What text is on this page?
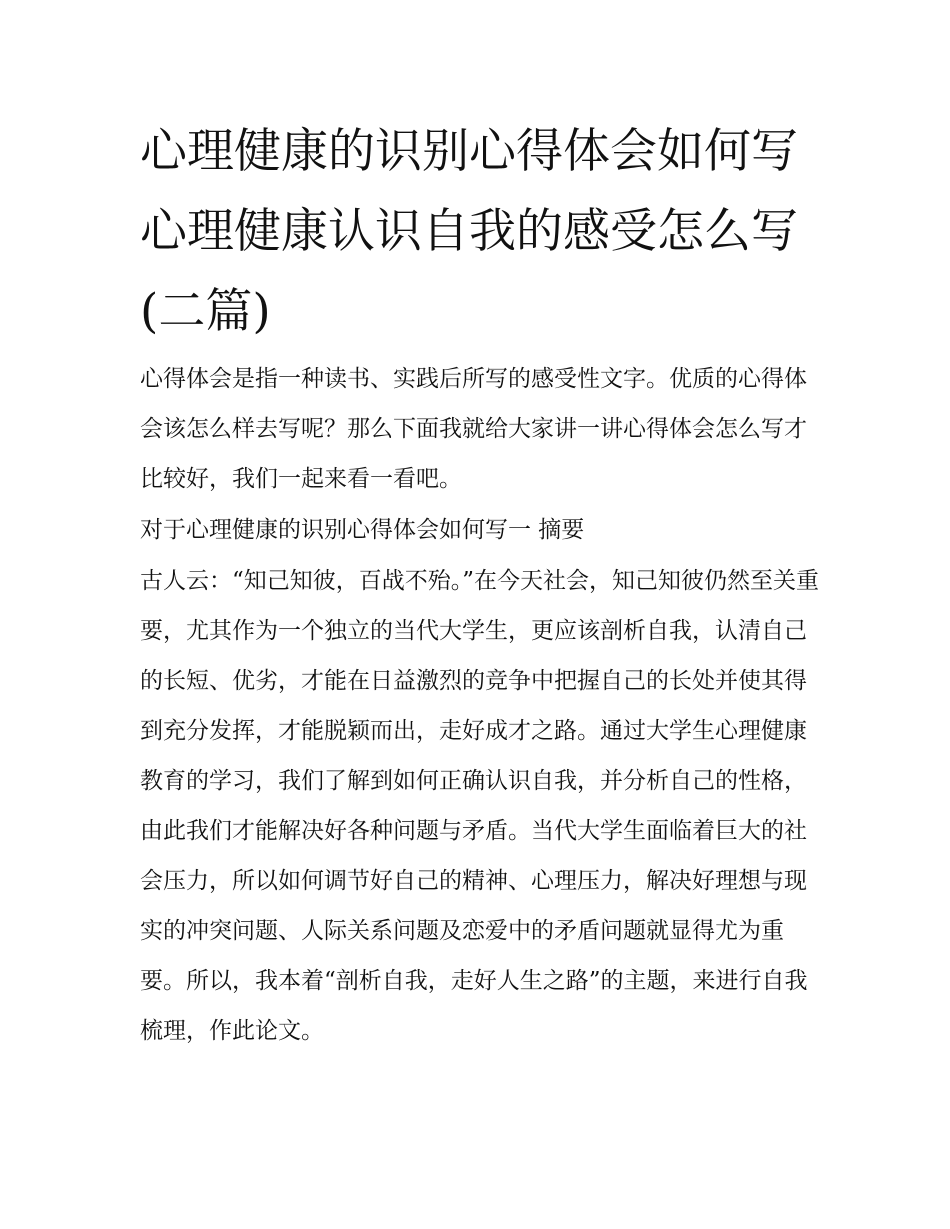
心理健康的识别心得体会如何写 心理健康认识自我的感受怎么写(二篇)

心得体会是指一种读书、实践后所写的感受性文字。优质的心得体会该怎么样去写呢？那么下面我就给大家讲一讲心得体会怎么写才比较好，我们一起来看一看吧。

对于心理健康的识别心得体会如何写一 摘要

古人云：“知己知彼，百战不殆。”在今天社会，知己知彼仍然至关重要，尤其作为一个独立的当代大学生，更应该剖析自我，认清自己的长短、优劣，才能在日益激烈的竞争中把握自己的长处并使其得到充分发挥，才能脱颖而出，走好成才之路。通过大学生心理健康教育的学习，我们了解到如何正确认识自我，并分析自己的性格，由此我们才能解决好各种问题与矛盾。当代大学生面临着巨大的社会压力，所以如何调节好自己的精神、心理压力，解决好理想与现实的冲突问题、人际关系问题及恋爱中的矛盾问题就显得尤为重要。所以，我本着“剖析自我，走好人生之路”的主题，来进行自我梳理，作此论文。
